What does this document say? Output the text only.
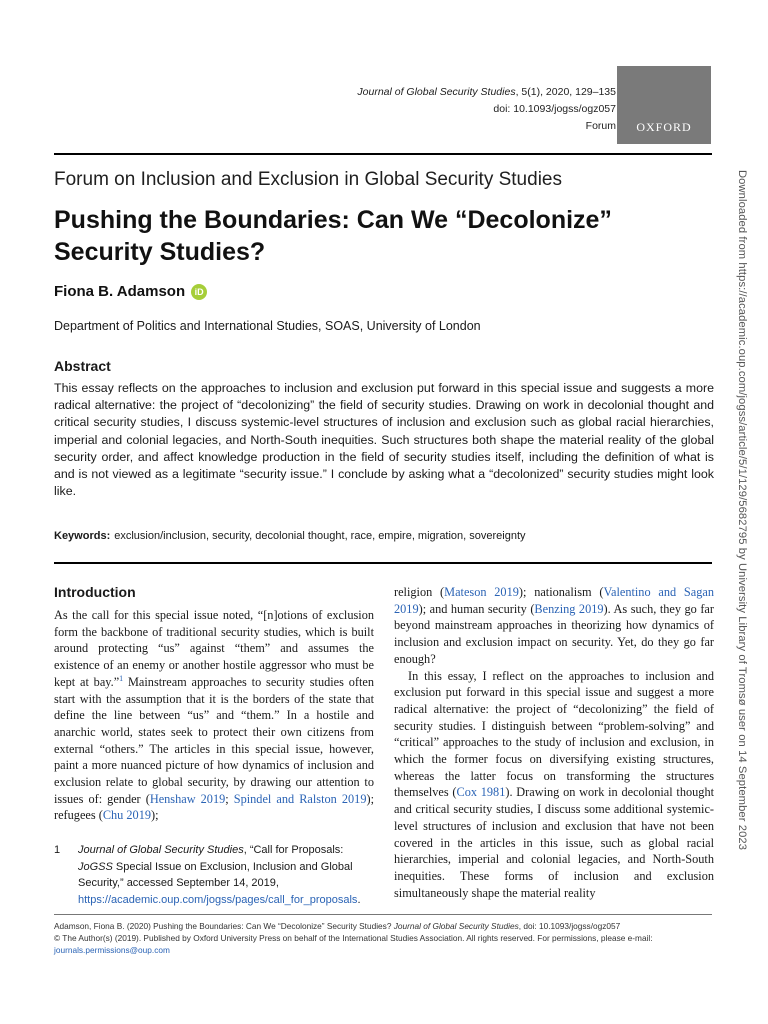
Journal of Global Security Studies, 5(1), 2020, 129–135
doi: 10.1093/jogss/ogz057
Forum	OXFORD
Forum on Inclusion and Exclusion in Global Security Studies
Pushing the Boundaries: Can We “Decolonize” Security Studies?
Fiona B. Adamson	iD
Department of Politics and International Studies, SOAS, University of London
Abstract
This essay reflects on the approaches to inclusion and exclusion put forward in this special issue and suggests a more radical alternative: the project of “decolonizing” the field of security studies. Drawing on work in decolonial thought and critical security studies, I discuss systemic-level structures of inclusion and exclusion such as global racial hierarchies, imperial and colonial legacies, and North-South inequities. Such structures both shape the material reality of the global security order, and affect knowledge production in the field of security studies itself, including the definition of what is and is not viewed as a legitimate “security issue.” I conclude by asking what a “decolonized” security studies might look like.
Keywords: exclusion/inclusion, security, decolonial thought, race, empire, migration, sovereignty
Introduction

As the call for this special issue noted, “[n]otions of exclusion form the backbone of traditional security studies, which is built around protecting “us” against “them” and assumes the existence of an enemy or another hostile aggressor who must be kept at bay.”$^1$ Mainstream approaches to security studies often start with the assumption that it is the borders of the state that define the line between “us” and “them.” In a hostile and anarchic world, states seek to protect their own citizens from external “others.” The articles in this special issue, however, paint a more nuanced picture of how dynamics of inclusion and exclusion relate to global security, by drawing our attention to issues of: gender (Henshaw 2019; Spindel and Ralston 2019); refugees (Chu 2019);

1	Journal of Global Security Studies, “Call for Proposals: JoGSS Special Issue on Exclusion, Inclusion and Global Security,” accessed September 14, 2019, https://academic.oup.com/jogss/pages/call_for_proposals.

religion (Mateson 2019); nationalism (Valentino and Sagan 2019); and human security (Benzing 2019). As such, they go far beyond mainstream approaches in theorizing how dynamics of inclusion and exclusion impact on security. Yet, do they go far enough?

In this essay, I reflect on the approaches to inclusion and exclusion put forward in this special issue and suggest a more radical alternative: the project of “decolonizing” the field of security studies. I distinguish between “problem-solving” and “critical” approaches to the study of inclusion and exclusion, in which the former focus on diversifying existing structures, whereas the latter focus on transforming the structures themselves (Cox 1981). Drawing on work in decolonial thought and critical security studies, I discuss some additional systemic-level structures of inclusion and exclusion that have not been covered in the articles in this issue, such as global racial hierarchies, imperial and colonial legacies, and North-South inequities. These forms of inclusion and exclusion simultaneously shape the material reality

Adamson, Fiona B. (2020) Pushing the Boundaries: Can We “Decolonize” Security Studies? Journal of Global Security Studies, doi: 10.1093/jogss/ogz057
© The Author(s) (2019). Published by Oxford University Press on behalf of the International Studies Association. All rights reserved. For permissions, please e-mail:
journals.permissions@oup.com
Downloaded from https://academic.oup.com/jogss/article/5/1/129/5682795 by University Library of Tromsø user on 14 September 2023
